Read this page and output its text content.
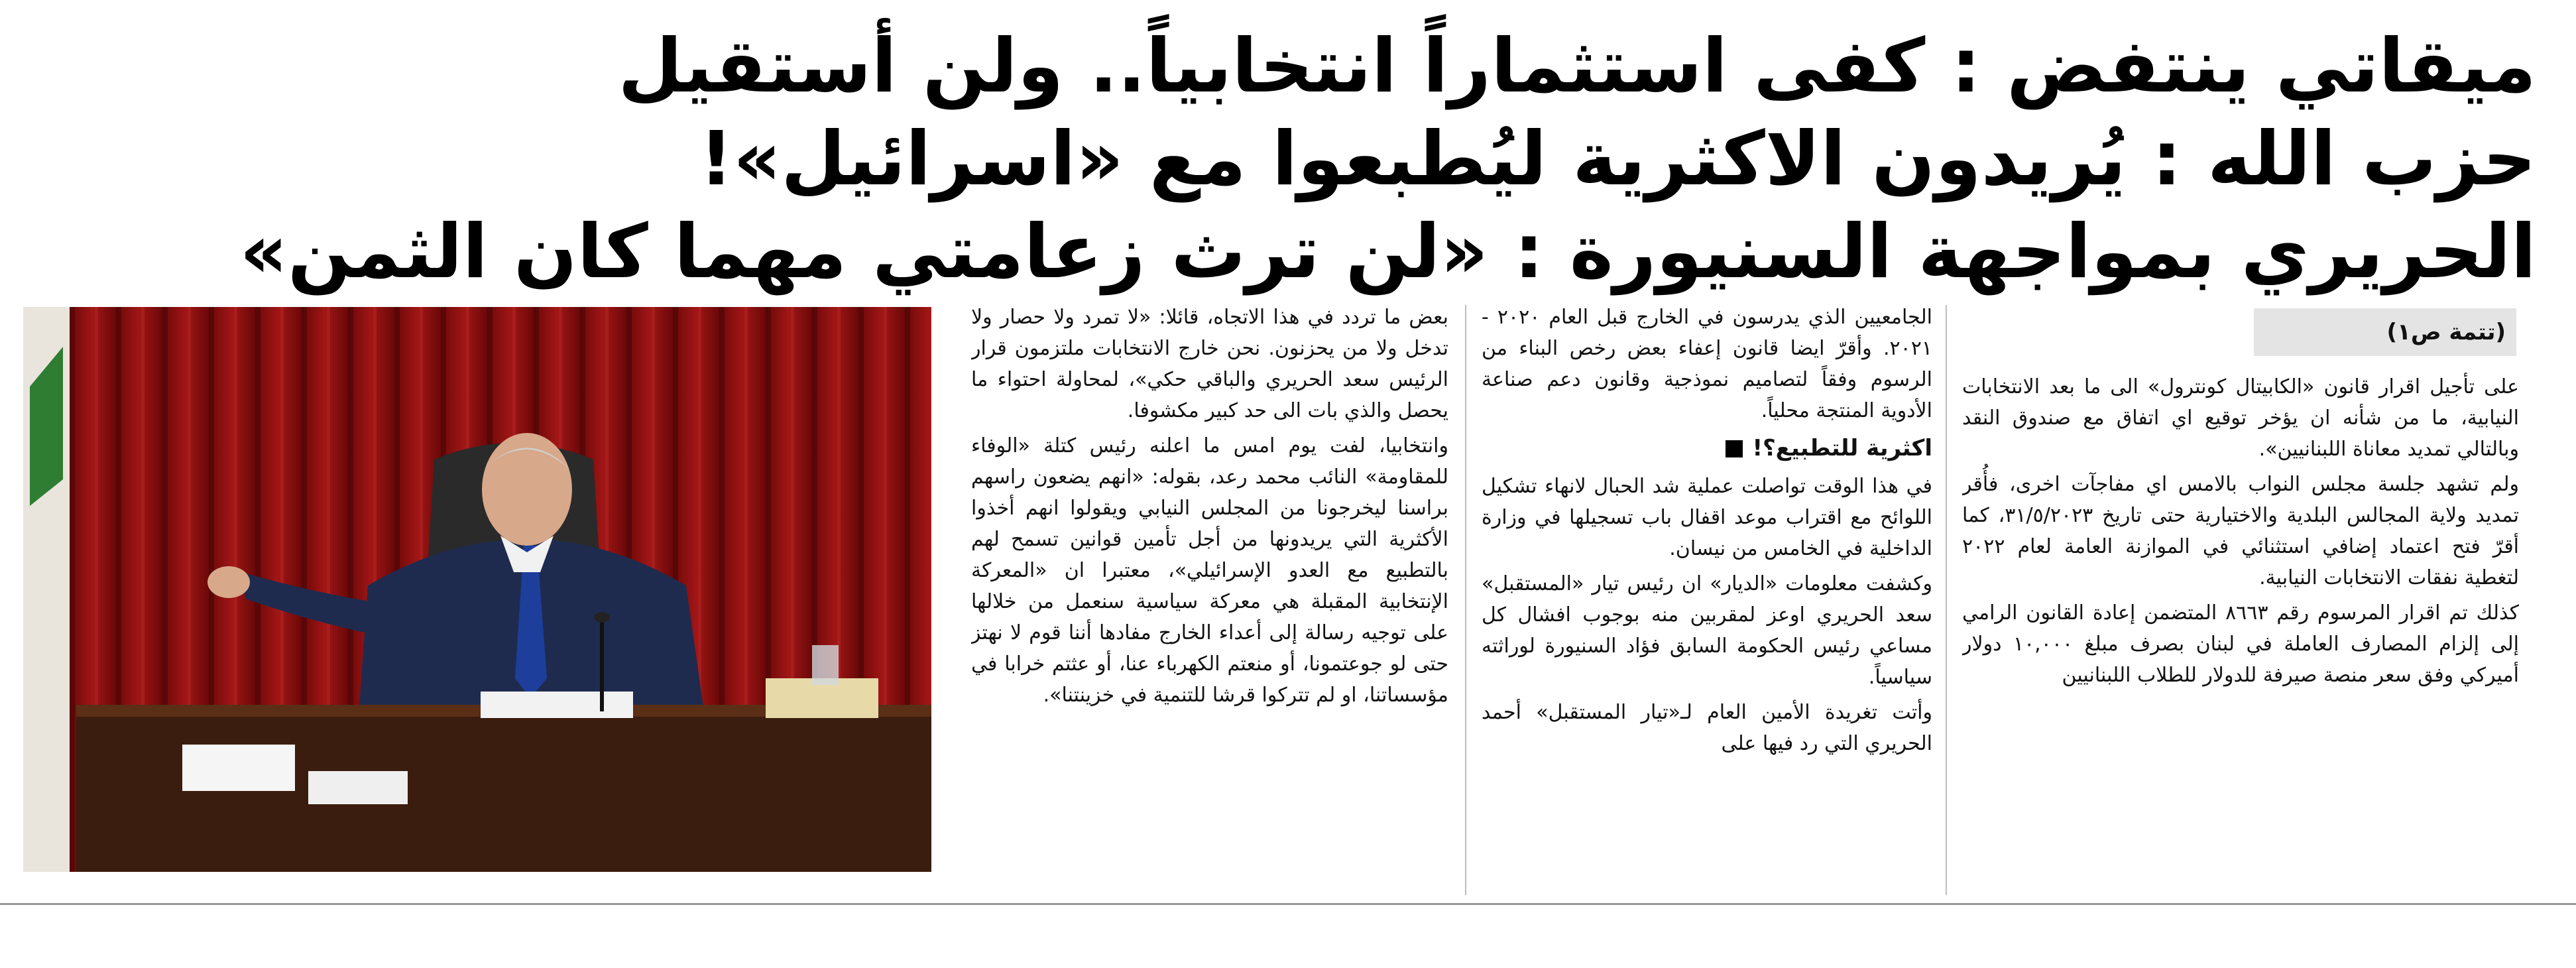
ميقاتي ينتفض : كفى استثماراً انتخابياً.. ولن أستقيل
حزب الله : يُريدون الاكثرية ليُطبعوا مع «اسرائيل»!
الحريري بمواجهة السنيورة : «لن ترث زعامتي مهما كان الثمن»
(تتمة ص١)

على تأجيل اقرار قانون «الكابيتال كونترول» الى ما بعد الانتخابات النيابية، ما من شأنه ان يؤخر توقيع اي اتفاق مع صندوق النقد وبالتالي تمديد معاناة اللبنانيين».

ولم تشهد جلسة مجلس النواب بالامس اي مفاجآت اخرى، فأُقر تمديد ولاية المجالس البلدية والاختيارية حتى تاريخ ٣١/٥/٢٠٢٣، كما أقرّ فتح اعتماد إضافي استثنائي في الموازنة العامة لعام ٢٠٢٢ لتغطية نفقات الانتخابات النيابية.

كذلك تم اقرار المرسوم رقم ٨٦٦٣ المتضمن إعادة القانون الرامي إلى إلزام المصارف العاملة في لبنان بصرف مبلغ ١٠,٠٠٠ دولار أميركي وفق سعر منصة صيرفة للدولار للطلاب اللبنانيين

الجامعيين الذي يدرسون في الخارج قبل العام ٢٠٢٠ - ٢٠٢١. وأقرّ ايضا قانون إعفاء بعض رخص البناء من الرسوم وفقاً لتصاميم نموذجية وقانون دعم صناعة الأدوية المنتجة محلياً.

اكثرية للتطبيع؟!

في هذا الوقت تواصلت عملية شد الحبال لانهاء تشكيل اللوائح مع اقتراب موعد اقفال باب تسجيلها في وزارة الداخلية في الخامس من نيسان.

وكشفت معلومات «الديار» ان رئيس تيار «المستقبل» سعد الحريري اوعز لمقربين منه بوجوب افشال كل مساعي رئيس الحكومة السابق فؤاد السنيورة لوراثته سياسياً.

وأتت تغريدة الأمين العام لـ«تيار المستقبل» أحمد الحريري التي رد فيها على

بعض ما تردد في هذا الاتجاه، قائلا: «لا تمرد ولا حصار ولا تدخل ولا من يحزنون. نحن خارج الانتخابات ملتزمون قرار الرئيس سعد الحريري والباقي حكي»، لمحاولة احتواء ما يحصل والذي بات الى حد كبير مكشوفا.

وانتخابيا، لفت يوم امس ما اعلنه رئيس كتلة «الوفاء للمقاومة» النائب محمد رعد، بقوله: «انهم يضعون راسهم براسنا ليخرجونا من المجلس النيابي ويقولوا انهم أخذوا الأكثرية التي يريدونها من أجل تأمين قوانين تسمح لهم بالتطبيع مع العدو الإسرائيلي»، معتبرا ان «المعركة الإنتخابية المقبلة هي معركة سياسية سنعمل من خلالها على توجيه رسالة إلى أعداء الخارج مفادها أننا قوم لا نهتز حتى لو جوعتمونا، أو منعتم الكهرباء عنا، أو عثتم خرابا في مؤسساتنا، او لم تتركوا قرشا للتنمية في خزينتنا».
